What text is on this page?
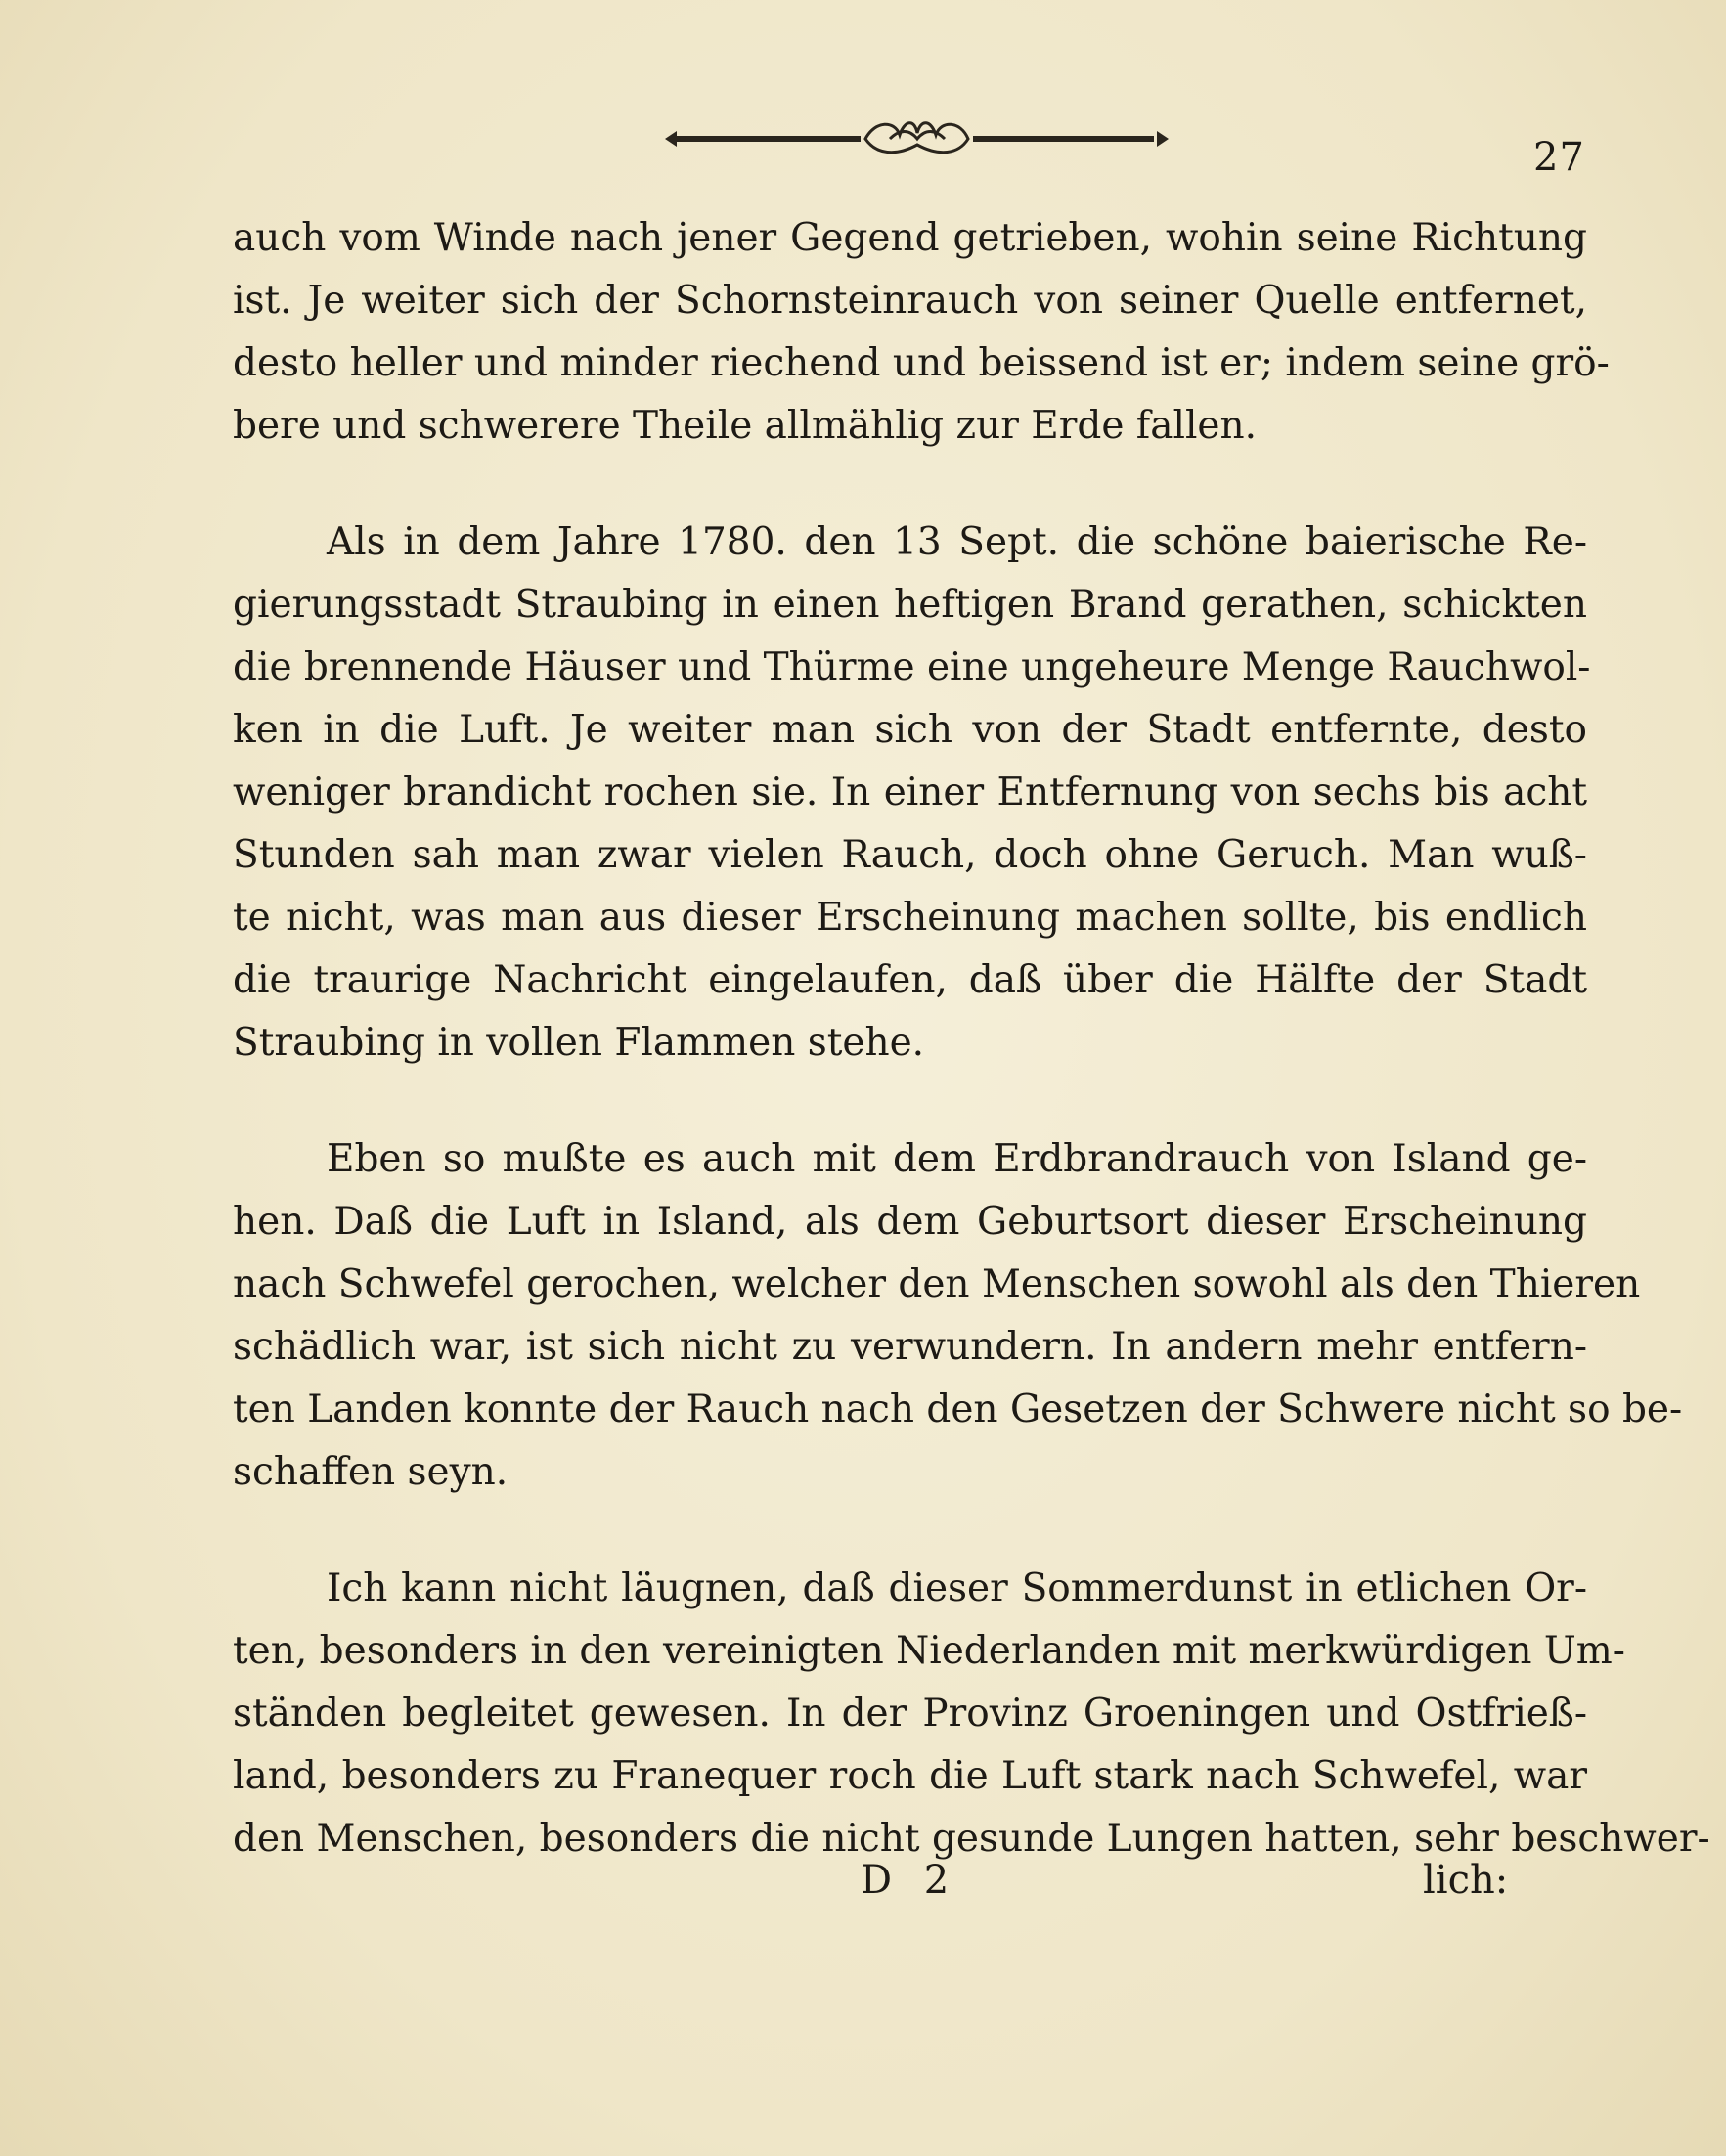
27
auch vom Winde nach jener Gegend getrieben, wohin seine Richtung
ist. Je weiter sich der Schornsteinrauch von seiner Quelle entfernet,
desto heller und minder riechend und beissend ist er; indem seine grö-
bere und schwerere Theile allmählig zur Erde fallen.
Als in dem Jahre 1780. den 13 Sept. die schöne baierische Re-
gierungsstadt Straubing in einen heftigen Brand gerathen, schickten
die brennende Häuser und Thürme eine ungeheure Menge Rauchwol-
ken in die Luft. Je weiter man sich von der Stadt entfernte, desto
weniger brandicht rochen sie. In einer Entfernung von sechs bis acht
Stunden sah man zwar vielen Rauch, doch ohne Geruch. Man wuß-
te nicht, was man aus dieser Erscheinung machen sollte, bis endlich
die traurige Nachricht eingelaufen, daß über die Hälfte der Stadt
Straubing in vollen Flammen stehe.
Eben so mußte es auch mit dem Erdbrandrauch von Island ge-
hen. Daß die Luft in Island, als dem Geburtsort dieser Erscheinung
nach Schwefel gerochen, welcher den Menschen sowohl als den Thieren
schädlich war, ist sich nicht zu verwundern. In andern mehr entfern-
ten Landen konnte der Rauch nach den Gesetzen der Schwere nicht so be-
schaffen seyn.
Ich kann nicht läugnen, daß dieser Sommerdunst in etlichen Or-
ten, besonders in den vereinigten Niederlanden mit merkwürdigen Um-
ständen begleitet gewesen. In der Provinz Groeningen und Ostfrieß-
land, besonders zu Franequer roch die Luft stark nach Schwefel, war
den Menschen, besonders die nicht gesunde Lungen hatten, sehr beschwer-
D 2	lich:
